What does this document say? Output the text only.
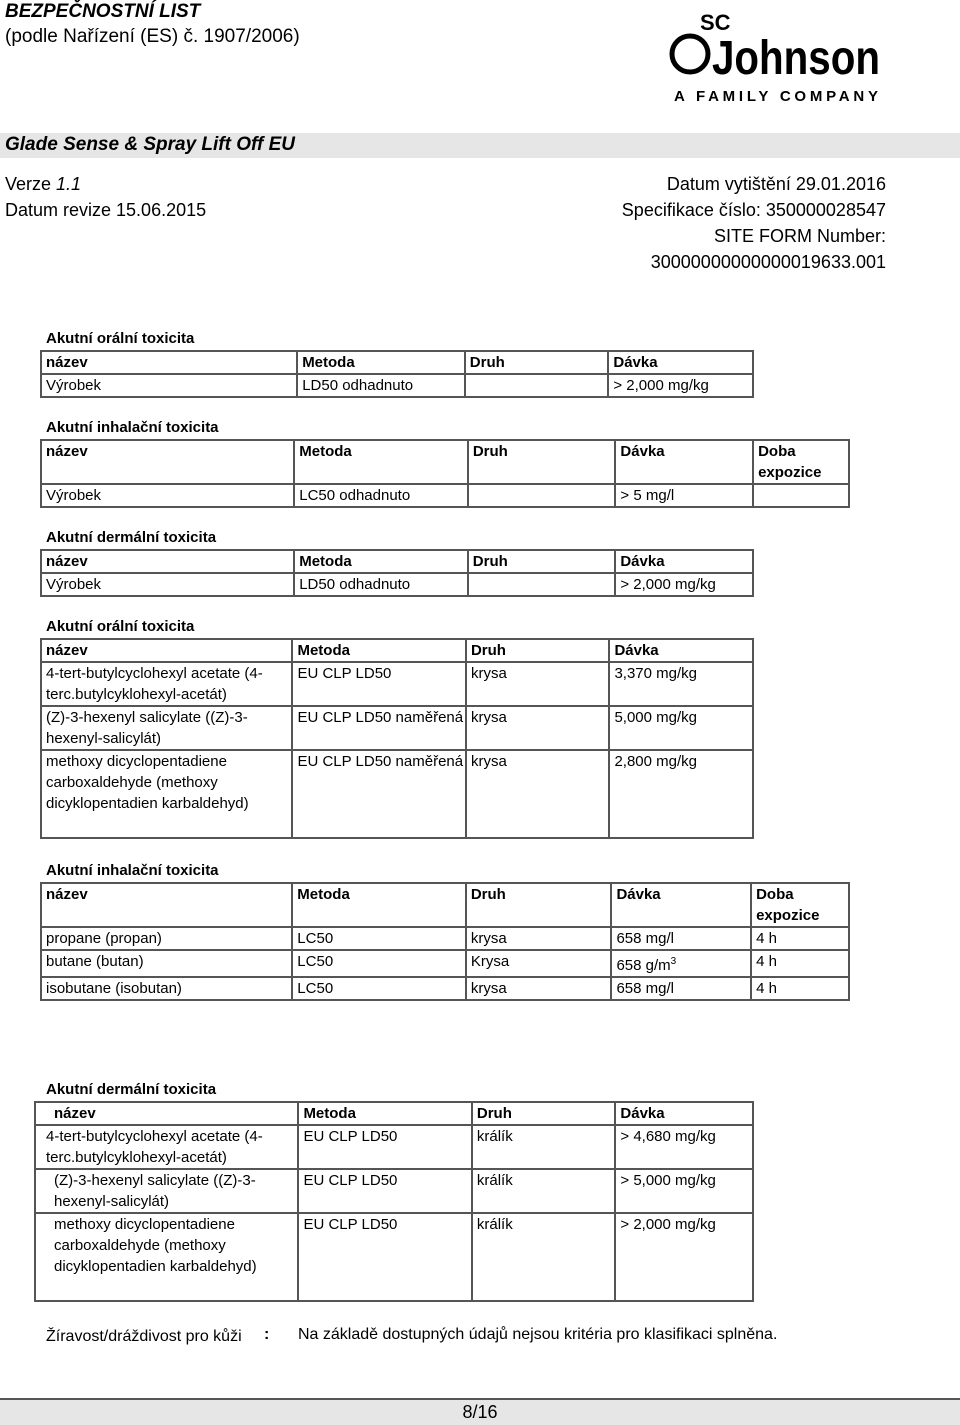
BEZPEČNOSTNÍ LIST
(podle Nařízení (ES) č. 1907/2006)
SC
Johnson
A FAMILY COMPANY
Glade Sense & Spray Lift Off EU
Verze 1.1
Datum revize 15.06.2015
Datum vytištění 29.01.2016
Specifikace číslo: 350000028547
SITE FORM Number:
30000000000000019633.001
Akutní orální toxicita
název	Metoda	Druh	Dávka
Výrobek	LD50 odhadnuto		> 2,000 mg/kg
Akutní inhalační toxicita
název	Metoda	Druh	Dávka	Doba expozice
Výrobek	LC50 odhadnuto		> 5 mg/l	
Akutní dermální toxicita
název	Metoda	Druh	Dávka
Výrobek	LD50 odhadnuto		> 2,000 mg/kg
Akutní orální toxicita
název	Metoda	Druh	Dávka
4-tert-butylcyclohexyl acetate (4-terc.butylcyklohexyl-acetát)	EU CLP LD50	krysa	3,370 mg/kg
(Z)-3-hexenyl salicylate ((Z)-3-hexenyl-salicylát)	EU CLP LD50 naměřená	krysa	5,000 mg/kg
methoxy dicyclopentadiene carboxaldehyde (methoxy dicyklopentadien karbaldehyd)	EU CLP LD50 naměřená	krysa	2,800 mg/kg
Akutní inhalační toxicita
název	Metoda	Druh	Dávka	Doba expozice
propane (propan)	LC50	krysa	658 mg/l	4 h
butane (butan)	LC50	Krysa	658 $g/m^3$	4 h
isobutane (isobutan)	LC50	krysa	658 mg/l	4 h
Akutní dermální toxicita
název	Metoda	Druh	Dávka
4-tert-butylcyclohexyl acetate (4-terc.butylcyklohexyl-acetát)	EU CLP LD50	králík	> 4,680 mg/kg
(Z)-3-hexenyl salicylate ((Z)-3-hexenyl-salicylát)	EU CLP LD50	králík	> 5,000 mg/kg
methoxy dicyclopentadiene carboxaldehyde (methoxy dicyklopentadien karbaldehyd)	EU CLP LD50	králík	> 2,000 mg/kg
Žíravost/dráždivost pro kůži : Na základě dostupných údajů nejsou kritéria pro klasifikaci splněna.
8/16
